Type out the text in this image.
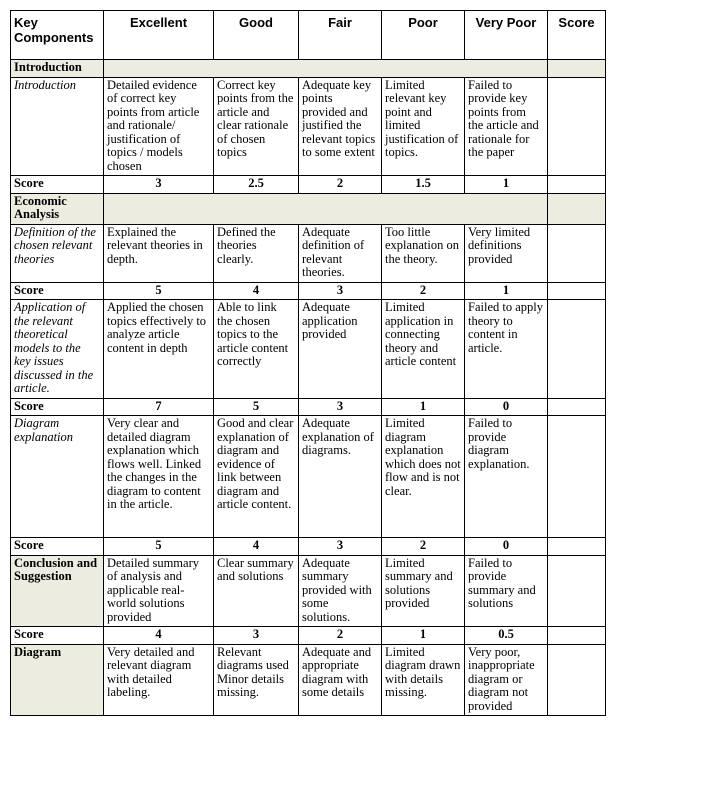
Key Components	Excellent	Good	Fair	Poor	Very Poor	Score
Introduction						
Introduction	Detailed evidence of correct key points from article and rationale/ justification of topics / models chosen	Correct key points from the article and clear rationale of chosen topics	Adequate key points provided and justified the relevant topics to some extent	Limited relevant key point and limited justification of topics.	Failed to provide key points from the article and rationale for the paper	
Score	3	2.5	2	1.5	1	
Economic Analysis						
Definition of the chosen relevant theories	Explained the relevant theories in depth.	Defined the theories clearly.	Adequate definition of relevant theories.	Too little explanation on the theory.	Very limited definitions provided	
Score	5	4	3	2	1	
Application of the relevant theoretical models to the key issues discussed in the article.	Applied the chosen topics effectively to analyze article content in depth	Able to link the chosen topics to the article content correctly	Adequate application provided	Limited application in connecting theory and article content	Failed to apply theory to content in article.	
Score	7	5	3	1	0	
Diagram explanation	Very clear and detailed diagram explanation which flows well. Linked the changes in the diagram to content in the article.	Good and clear explanation of diagram and evidence of link between diagram and article content.	Adequate explanation of diagrams.	Limited diagram explanation which does not flow and is not clear.	Failed to provide diagram explanation.	
Score	5	4	3	2	0	
Conclusion and Suggestion	Detailed summary of analysis and applicable real-world solutions provided	Clear summary and solutions	Adequate summary provided with some solutions.	Limited summary and solutions provided	Failed to provide summary and solutions	
Score	4	3	2	1	0.5	
Diagram	Very detailed and relevant diagram with detailed labeling.	Relevant diagrams used Minor details missing.	Adequate and appropriate diagram with some details	Limited diagram drawn with details missing.	Very poor, inappropriate diagram or diagram not provided	
